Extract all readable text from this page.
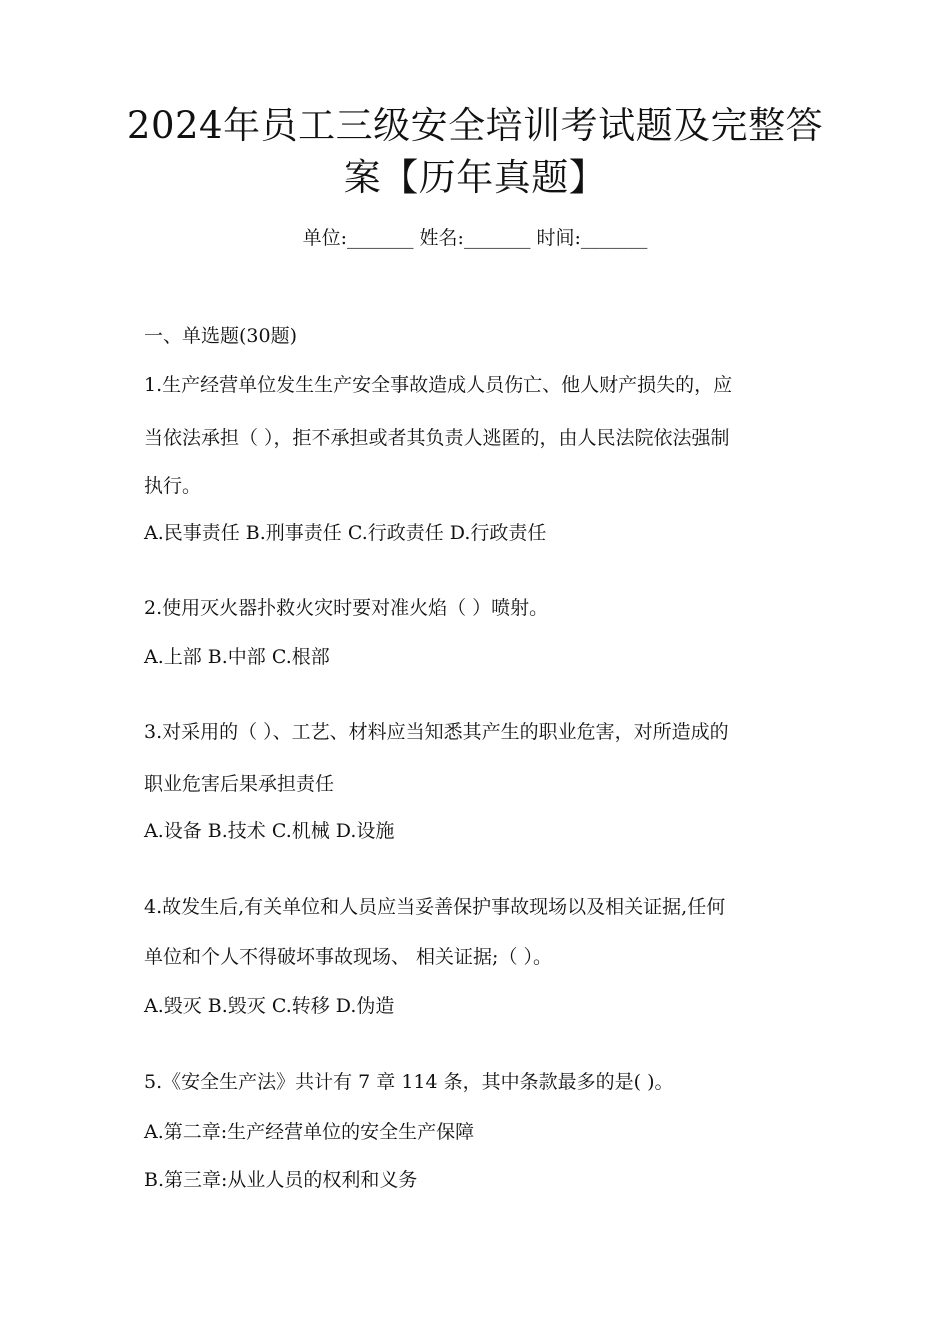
2024年员工三级安全培训考试题及完整答
案【历年真题】
单位:_______ 姓名:_______ 时间:_______
一、单选题(30题)
1.生产经营单位发生生产安全事故造成人员伤亡、他人财产损失的，应
当依法承担（ ），拒不承担或者其负责人逃匿的，由人民法院依法强制
执行。
A.民事责任 B.刑事责任 C.行政责任 D.行政责任
2.使用灭火器扑救火灾时要对准火焰（ ）喷射。
A.上部 B.中部 C.根部
3.对采用的（ ）、工艺、材料应当知悉其产生的职业危害，对所造成的
职业危害后果承担责任
A.设备 B.技术 C.机械 D.设施
4.故发生后,有关单位和人员应当妥善保护事故现场以及相关证据,任何
单位和个人不得破坏事故现场、 相关证据;（ ）。
A.毁灭 B.毁灭 C.转移 D.伪造
5.《安全生产法》共计有 7 章 114 条，其中条款最多的是( )。
A.第二章:生产经营单位的安全生产保障
B.第三章:从业人员的权利和义务
